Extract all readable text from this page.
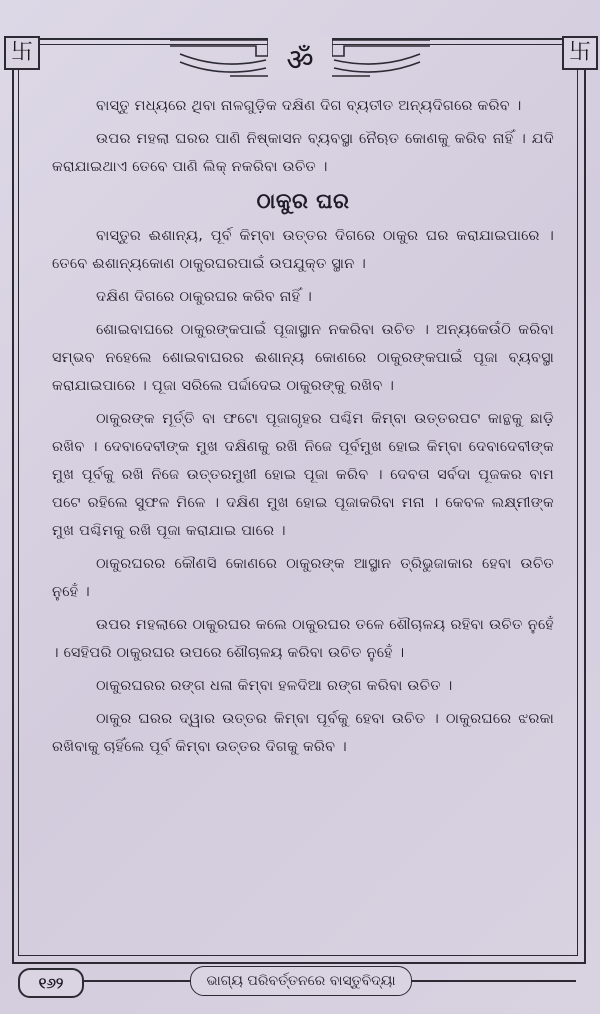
ॐ
卐	卐

ବାସ୍ତୁ ମଧ୍ୟରେ ଥିବା ନାଳଗୁଡ଼ିକ ଦକ୍ଷିଣ ଦିଗ ବ୍ୟତୀତ ଅନ୍ୟଦିଗରେ କରିବ ।

ଉପର ମହଲା ଘରର ପାଣି ନିଷ୍କାସନ ବ୍ୟବସ୍ଥା ନୈଋତ କୋଣକୁ କରିବ ନାହିଁ । ଯଦି କରାଯାଇଥାଏ ତେବେ ପାଣି ଲିକ୍ ନକରିବା ଉଚିତ ।

ଠାକୁର ଘର

ବାସ୍ତୁର ଈଶାନ୍ୟ, ପୂର୍ବ କିମ୍ବା ଉତ୍ତର ଦିଗରେ ଠାକୁର ଘର କରାଯାଇପାରେ । ତେବେ ଈଶାନ୍ୟକୋଣ ଠାକୁରଘରପାଇଁ ଉପଯୁକ୍ତ ସ୍ଥାନ ।

ଦକ୍ଷିଣ ଦିଗରେ ଠାକୁରଘର କରିବ ନାହିଁ ।

ଶୋଇବାଘରେ ଠାକୁରଙ୍କପାଇଁ ପୂଜାସ୍ଥାନ ନକରିବା ଉଚିତ । ଅନ୍ୟକେଉଁଠି କରିବା ସମ୍ଭବ ନହେଲେ ଶୋଇବାଘରର ଈଶାନ୍ୟ କୋଣରେ ଠାକୁରଙ୍କପାଇଁ ପୂଜା ବ୍ୟବସ୍ଥା କରାଯାଇପାରେ । ପୂଜା ସରିଲେ ପର୍ଦ୍ଦାଦେଇ ଠାକୁରଙ୍କୁ ରଖିବ ।

ଠାକୁରଙ୍କ ମୂର୍ତ୍ତି ବା ଫଟୋ ପୂଜାଗୃହର ପଶ୍ଚିମ କିମ୍ବା ଉତ୍ତରପଟ କାନ୍ଥକୁ ଛାଡ଼ି ରଖିବ । ଦେବାଦେବୀଙ୍କ ମୁଖ ଦକ୍ଷିଣକୁ ରଖି ନିଜେ ପୂର୍ବମୁଖ ହୋଇ କିମ୍ବା ଦେବାଦେବୀଙ୍କ ମୁଖ ପୂର୍ବକୁ ରଖି ନିଜେ ଉତ୍ତରମୁଖୀ ହୋଇ ପୂଜା କରିବ । ଦେବତା ସର୍ବଦା ପୂଜକର ବାମ ପଟେ ରହିଲେ ସୁଫଳ ମିଳେ । ଦକ୍ଷିଣ ମୁଖ ହୋଇ ପୂଜାକରିବା ମନା । କେବଳ ଲକ୍ଷ୍ମୀଙ୍କ ମୁଖ ପଶ୍ଚିମକୁ ରଖି ପୂଜା କରାଯାଇ ପାରେ ।

ଠାକୁରଘରର କୌଣସି କୋଣରେ ଠାକୁରଙ୍କ ଆସ୍ଥାନ ତ୍ରିଭୁଜାକାର ହେବା ଉଚିତ ନୁହେଁ ।

ଉପର ମହଲାରେ ଠାକୁରଘର କଲେ ଠାକୁରଘର ତଳେ ଶୌଚାଳୟ ରହିବା ଉଚିତ ନୁହେଁ । ସେହିପରି ଠାକୁରଘର ଉପରେ ଶୌଚାଳୟ କରିବା ଉଚିତ ନୁହେଁ ।

ଠାକୁରଘରର ରଙ୍ଗ ଧଳା କିମ୍ବା ହଳଦିଆ ରଙ୍ଗ କରିବା ଉଚିତ ।

ଠାକୁର ଘରର ଦ୍ୱାର ଉତ୍ତର କିମ୍ବା ପୂର୍ବକୁ ହେବା ଉଚିତ । ଠାକୁରଘରେ ଝରକା ରଖିବାକୁ ଚାହିଁଲେ ପୂର୍ବ କିମ୍ବା ଉତ୍ତର ଦିଗକୁ କରିବ ।

୧୬୨	ଭାଗ୍ୟ ପରିବର୍ତ୍ତନରେ ବାସ୍ତୁବିଦ୍ୟା
